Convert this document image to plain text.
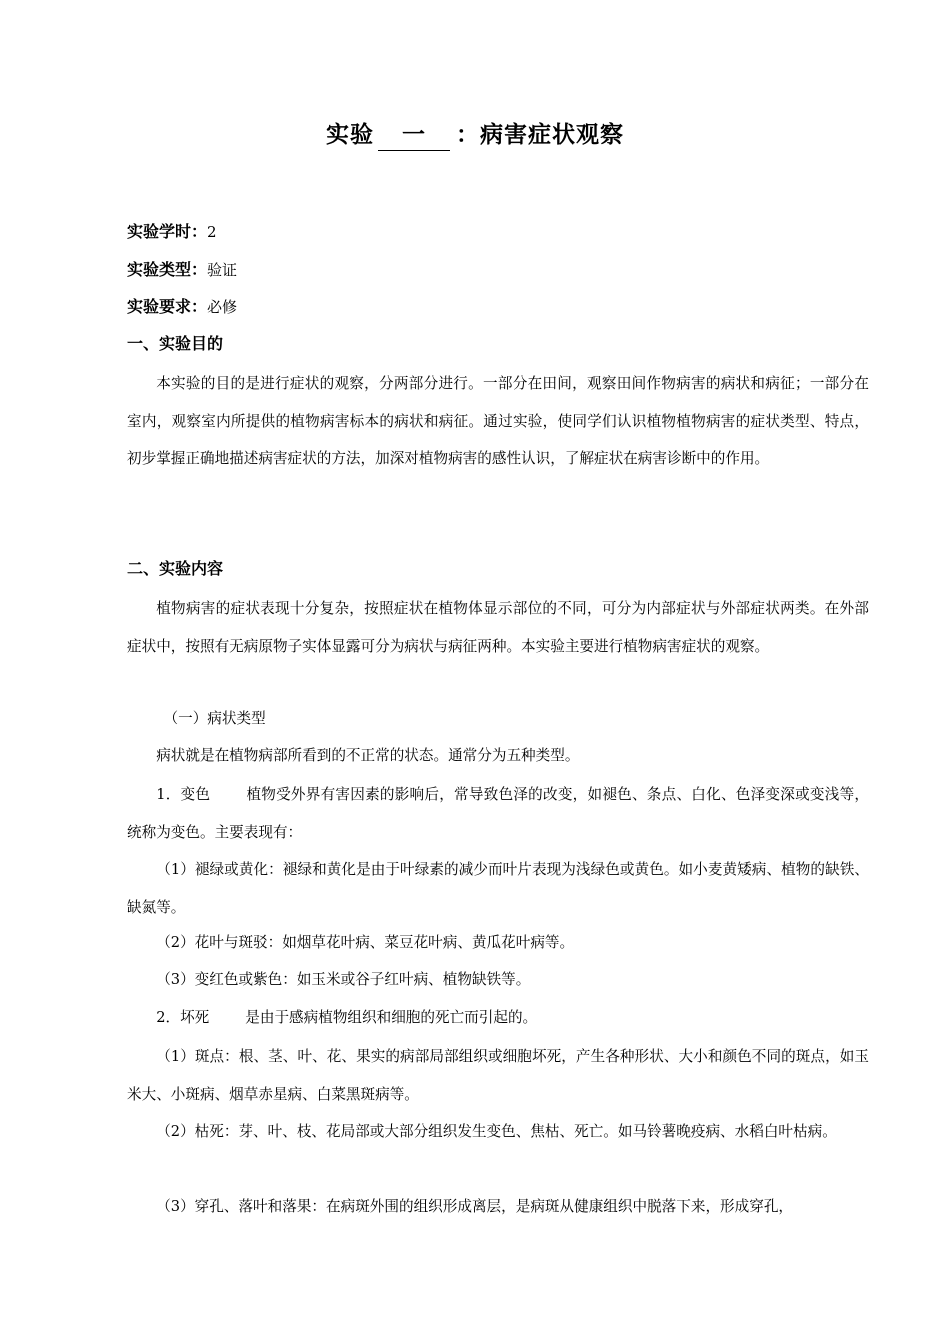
实验 一 ：病害症状观察
实验学时：2
实验类型：验证
实验要求：必修
一、实验目的
本实验的目的是进行症状的观察，分两部分进行。一部分在田间，观察田间作物病害的病状和病征；一部分在室内，观察室内所提供的植物病害标本的病状和病征。通过实验，使同学们认识植物植物病害的症状类型、特点，初步掌握正确地描述病害症状的方法，加深对植物病害的感性认识，了解症状在病害诊断中的作用。
二、实验内容
植物病害的症状表现十分复杂，按照症状在植物体显示部位的不同，可分为内部症状与外部症状两类。在外部症状中，按照有无病原物子实体显露可分为病状与病征两种。本实验主要进行植物病害症状的观察。
（一）病状类型
病状就是在植物病部所看到的不正常的状态。通常分为五种类型。
1．变色 植物受外界有害因素的影响后，常导致色泽的改变，如褪色、条点、白化、色泽变深或变浅等，统称为变色。主要表现有：
（1）褪绿或黄化：褪绿和黄化是由于叶绿素的减少而叶片表现为浅绿色或黄色。如小麦黄矮病、植物的缺铁、缺氮等。
（2）花叶与斑驳：如烟草花叶病、菜豆花叶病、黄瓜花叶病等。
（3）变红色或紫色：如玉米或谷子红叶病、植物缺铁等。
2．坏死 是由于感病植物组织和细胞的死亡而引起的。
（1）斑点：根、茎、叶、花、果实的病部局部组织或细胞坏死，产生各种形状、大小和颜色不同的斑点，如玉米大、小斑病、烟草赤星病、白菜黑斑病等。
（2）枯死：芽、叶、枝、花局部或大部分组织发生变色、焦枯、死亡。如马铃薯晚疫病、水稻白叶枯病。
（3）穿孔、落叶和落果：在病斑外围的组织形成离层，是病斑从健康组织中脱落下来，形成穿孔，
